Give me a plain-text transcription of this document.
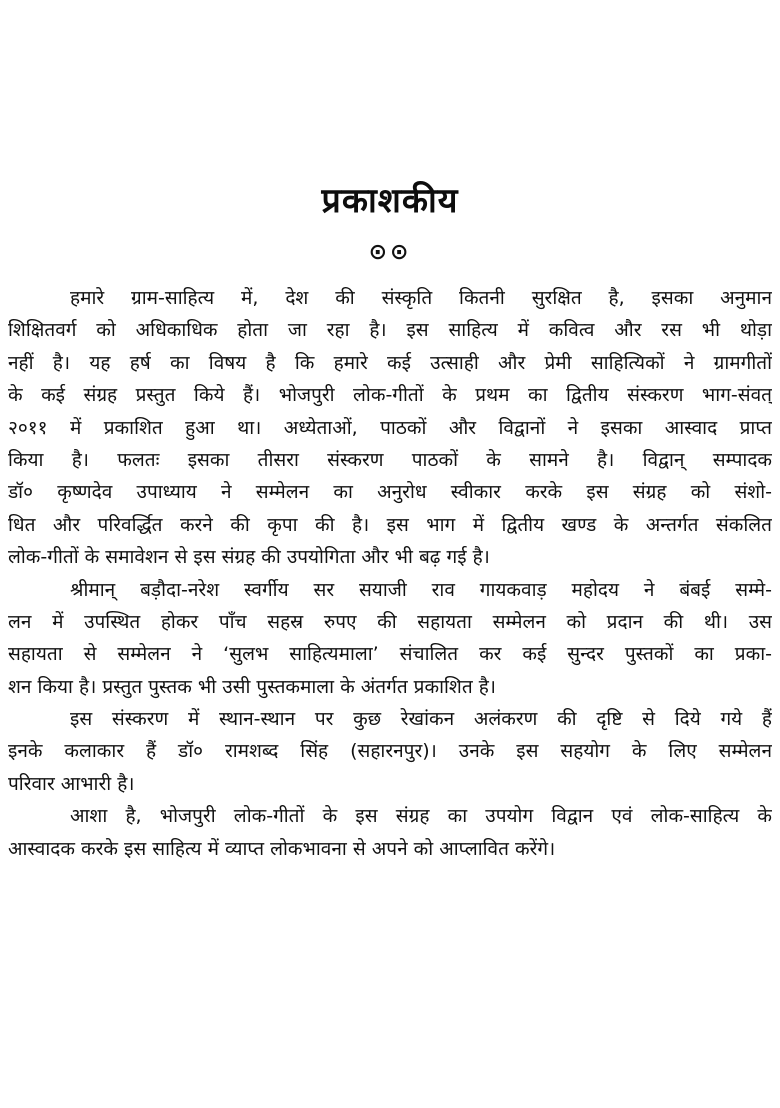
प्रकाशकीय
⊙⊙
हमारे ग्राम-साहित्य में, देश की संस्कृति कितनी सुरक्षित है, इसका अनुमान
शिक्षितवर्ग को अधिकाधिक होता जा रहा है। इस साहित्य में कवित्व और रस भी थोड़ा
नहीं है। यह हर्ष का विषय है कि हमारे कई उत्साही और प्रेमी साहित्यिकों ने ग्रामगीतों
के कई संग्रह प्रस्तुत किये हैं। भोजपुरी लोक-गीतों के प्रथम का द्वितीय संस्करण भाग-संवत्
२०११ में प्रकाशित हुआ था। अध्येताओं, पाठकों और विद्वानों ने इसका आस्वाद प्राप्त
किया है। फलतः इसका तीसरा संस्करण पाठकों के सामने है। विद्वान् सम्पादक
डॉ० कृष्णदेव उपाध्याय ने सम्मेलन का अनुरोध स्वीकार करके इस संग्रह को संशो-
धित और परिवर्द्धित करने की कृपा की है। इस भाग में द्वितीय खण्ड के अन्तर्गत संकलित
लोक-गीतों के समावेशन से इस संग्रह की उपयोगिता और भी बढ़ गई है।
श्रीमान् बड़ौदा-नरेश स्वर्गीय सर सयाजी राव गायकवाड़ महोदय ने बंबई सम्मे-
लन में उपस्थित होकर पाँच सहस्र रुपए की सहायता सम्मेलन को प्रदान की थी। उस
सहायता से सम्मेलन ने ‘सुलभ साहित्यमाला’ संचालित कर कई सुन्दर पुस्तकों का प्रका-
शन किया है। प्रस्तुत पुस्तक भी उसी पुस्तकमाला के अंतर्गत प्रकाशित है।
इस संस्करण में स्थान-स्थान पर कुछ रेखांकन अलंकरण की दृष्टि से दिये गये हैं
इनके कलाकार हैं डॉ० रामशब्द सिंह (सहारनपुर)। उनके इस सहयोग के लिए सम्मेलन
परिवार आभारी है।
आशा है, भोजपुरी लोक-गीतों के इस संग्रह का उपयोग विद्वान एवं लोक-साहित्य के
आस्वादक करके इस साहित्य में व्याप्त लोकभावना से अपने को आप्लावित करेंगे।
